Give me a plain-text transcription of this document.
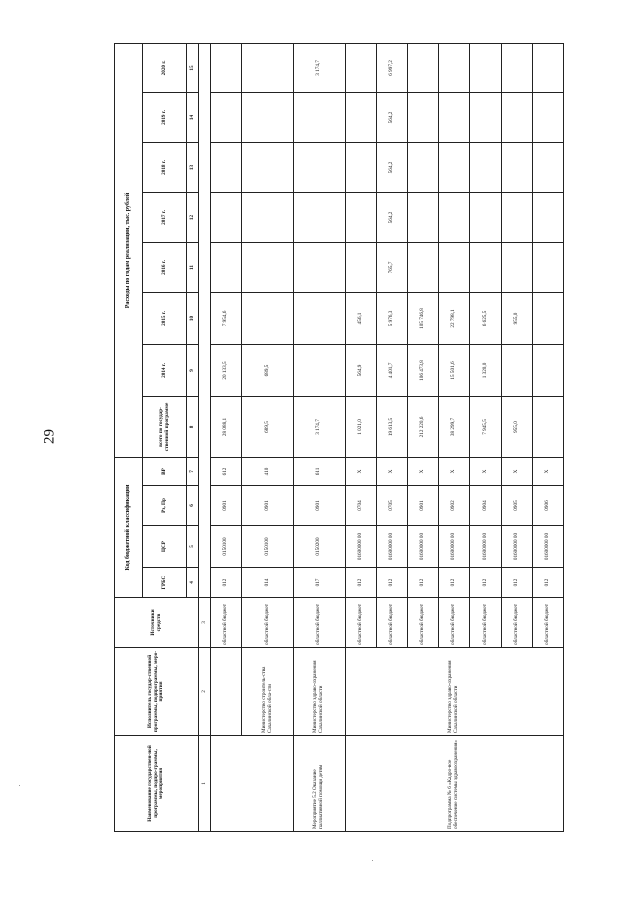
29
Наименование государствен-ной программы, подпро-граммы, мероприятия	Исполнитель государ-ственной программы, подпрограммы, меро-приятия	Источники средств	Код бюджетной классификации				Расходы по годам реализации, тыс. рублей							
			ГРБС	ЦСР	Рз, Пр	ВР	всего по государ-ственной программе	2014 г.	2015 г.	2016 г.	2017 г.	2018 г.	2019 г.	2020 г.
			4	5	6	7	8	9	10	11	12	13	14	15
1	2	3												
		областной бюджет	012	0150100	0901	612	28 088,1	20 133,5	7 954,6					
	Министерство строитель-ства Сахалинской обла-сти	областной бюджет	014	0150100	0901	410	689,5	689,5						
Мероприятие 5.2 Оказание паллиативной помощи детям	Министерство здраво-охранения Сахалинской области	областной бюджет	017	0150200	0901	611	3 174,7							3 174,7
Подпрограмма № 6 «Кадро-вое обеспечение системы здравоохранения»	Министерство здраво-охранения Сахалинской области	областной бюджет	012	01600000 00	0704	Х	1 021,0	564,9	456,1					
		областной бюджет	012	01600000 00	0705	Х	19 613,5	4 401,7	5 976,3	765,7	564,2	564,2	564,2	6 997,2
		областной бюджет	012	01600000 00	0901	Х	212 220,6	106 473,8	105 746,8					
		областной бюджет	012	01600000 00	0902	Х	38 299,7	15 501,6	22 798,1					
		областной бюджет	012	01600000 00	0904	Х	7 945,5	1 320,0	6 625,5					
		областной бюджет	012	01600000 00	0905	Х	955,0		955,0					
		областной бюджет	012	01600000 00	0906	Х								
